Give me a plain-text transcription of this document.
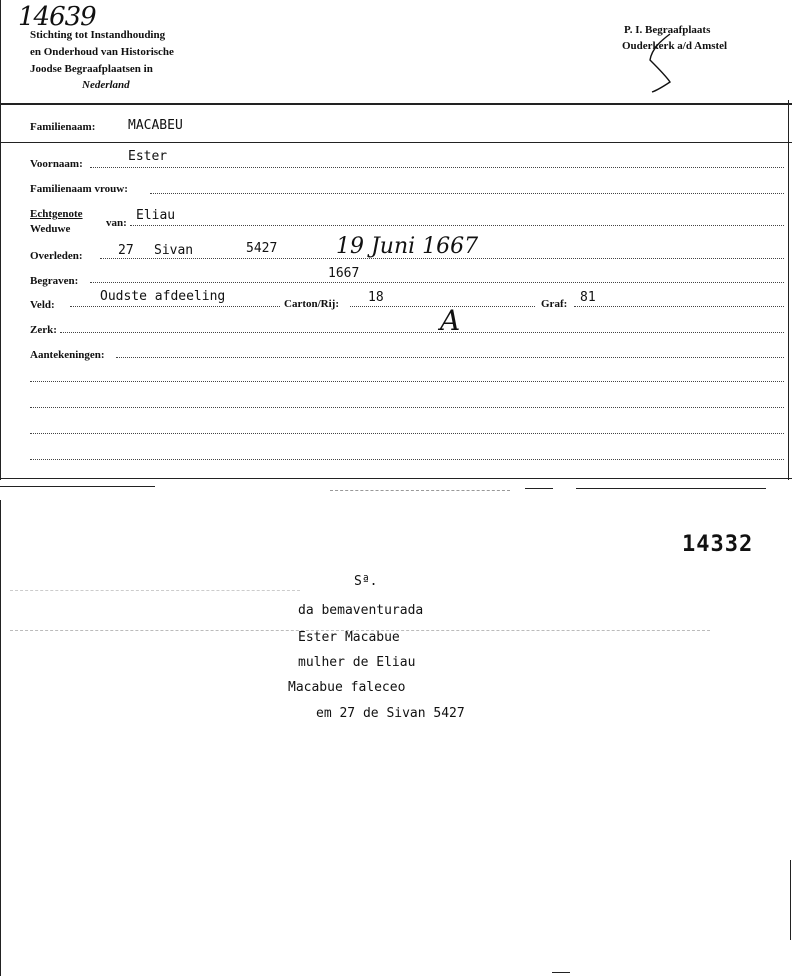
14639
Stichting tot Instandhouding
en Onderhoud van Historische
Joodse Begraafplaatsen in
Nederland
P. I. Begraafplaats
Ouderkerk a/d Amstel
Familienaam:	MACABEU
Voornaam:	Ester
Familienaam vrouw:
Echtgenote
Weduwe	van: Eliau
Overleden:	27 Sivan	5427	19 Juni 1667
Begraven:	1667
Veld:
Oudste afdeeling	Carton/Rij: 18	Graf: 81
Zerk:	A
Aantekeningen:
14332
Sª.
da bemaventurada
Ester Macabue
mulher de Eliau
Macabue faleceo
em 27 de Sivan 5427
